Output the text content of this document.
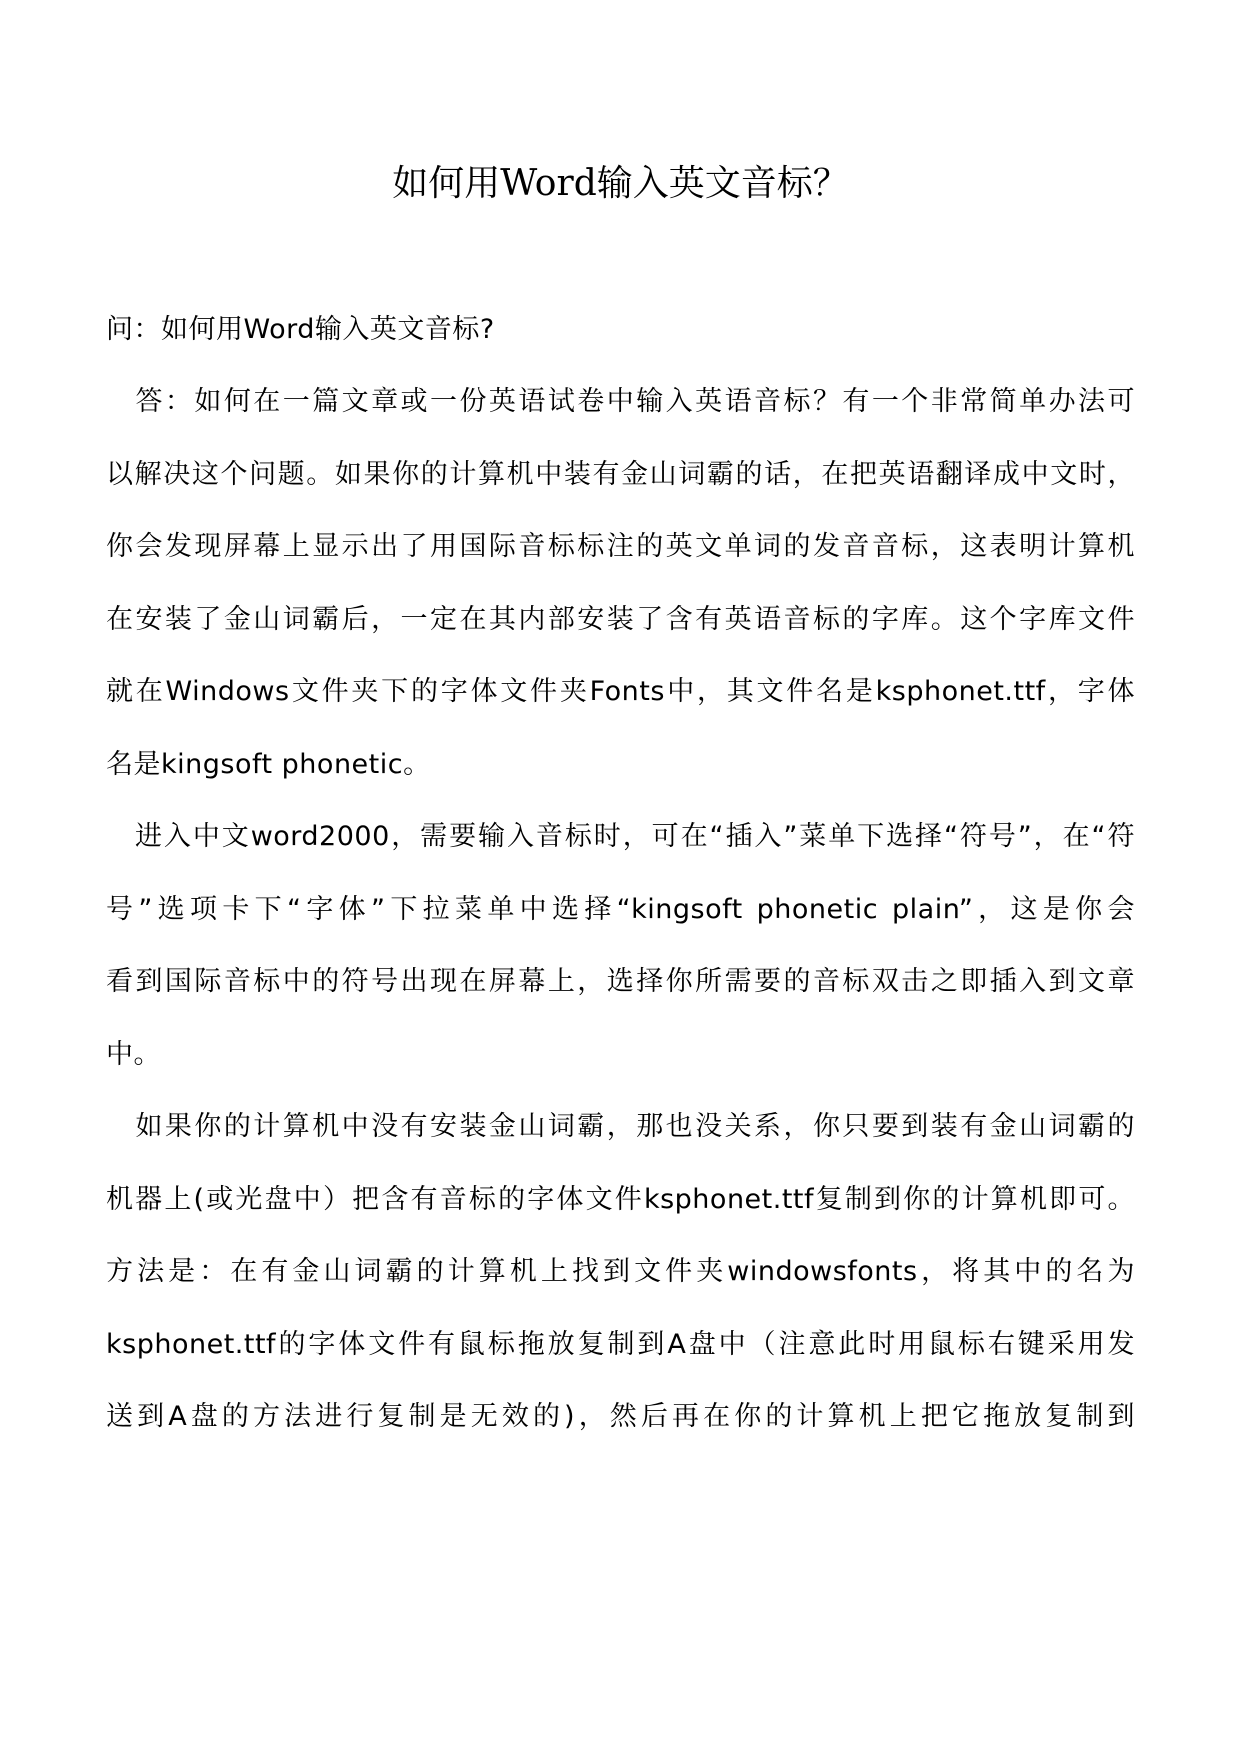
如何用Word输入英文音标？
问：如何用Word输入英文音标?
　答：如何在一篇文章或一份英语试卷中输入英语音标？有一个非常简单办法可
以解决这个问题。如果你的计算机中装有金山词霸的话，在把英语翻译成中文时，
你会发现屏幕上显示出了用国际音标标注的英文单词的发音音标，这表明计算机
在安装了金山词霸后，一定在其内部安装了含有英语音标的字库。这个字库文件
就在Windows文件夹下的字体文件夹Fonts中，其文件名是ksphonet.ttf，字体
名是kingsoft phonetic。
　进入中文word2000，需要输入音标时，可在“插入”菜单下选择“符号”，在“符
号”选项卡下“字体”下拉菜单中选择“kingsoft phonetic plain”，这是你会
看到国际音标中的符号出现在屏幕上，选择你所需要的音标双击之即插入到文章
中。
　如果你的计算机中没有安装金山词霸，那也没关系，你只要到装有金山词霸的
机器上(或光盘中）把含有音标的字体文件ksphonet.ttf复制到你的计算机即可。
方法是：在有金山词霸的计算机上找到文件夹windowsfonts，将其中的名为
ksphonet.ttf的字体文件有鼠标拖放复制到A盘中（注意此时用鼠标右键采用发
送到A盘的方法进行复制是无效的)，然后再在你的计算机上把它拖放复制到
